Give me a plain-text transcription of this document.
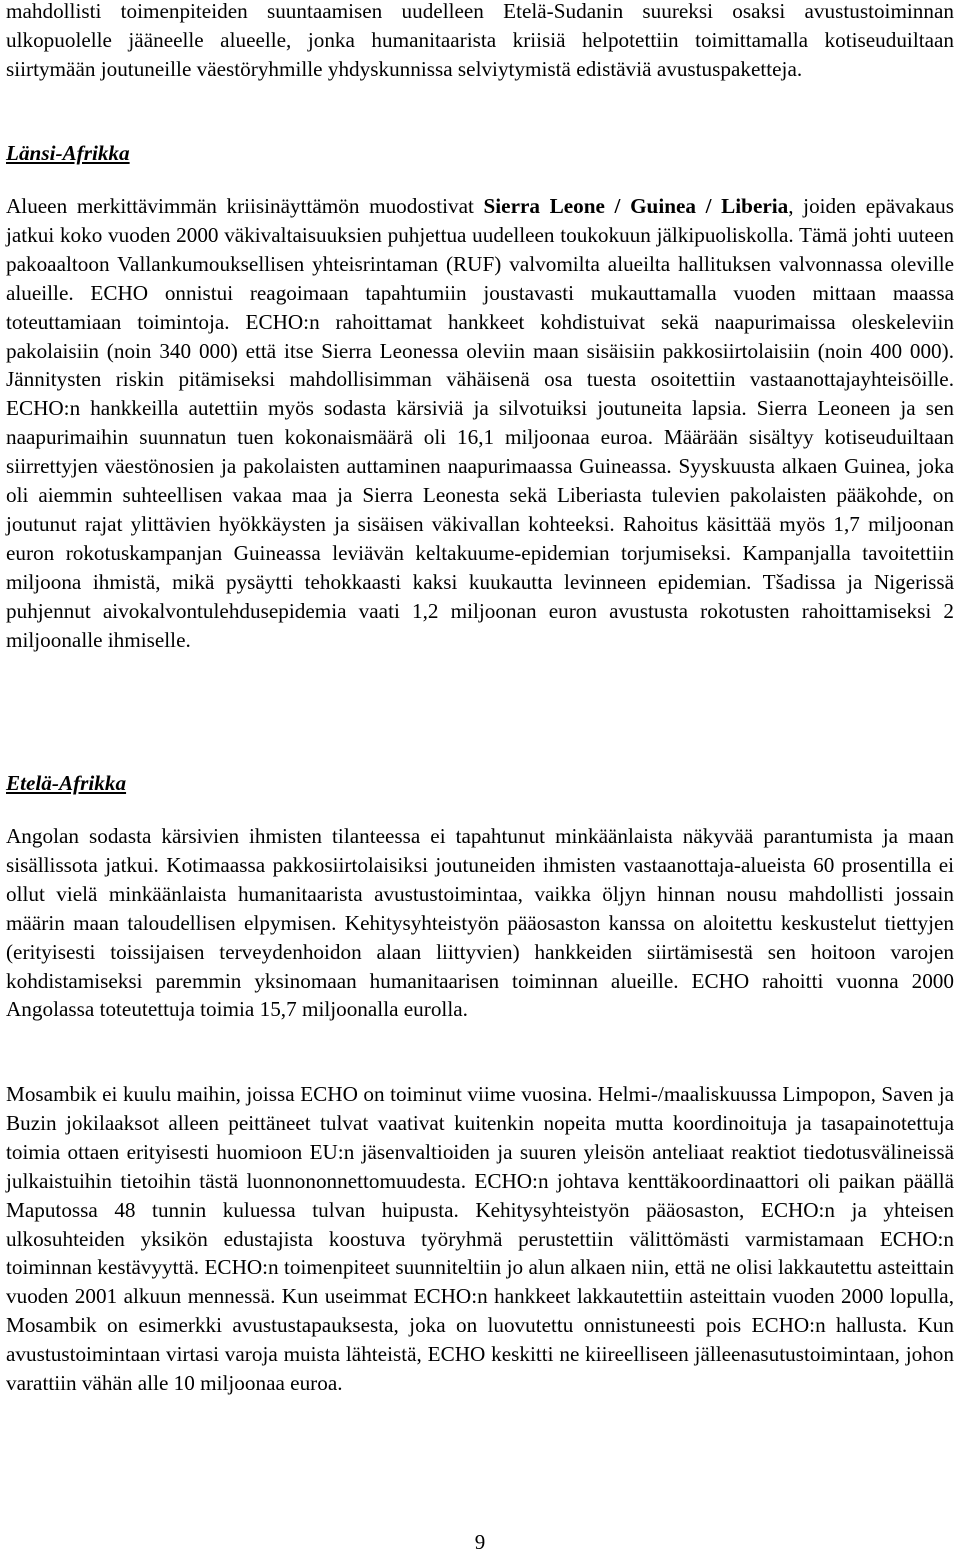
mahdollisti toimenpiteiden suuntaamisen uudelleen Etelä-Sudanin suureksi osaksi avustustoiminnan ulkopuolelle jääneelle alueelle, jonka humanitaarista kriisiä helpotettiin toimittamalla kotiseuduiltaan siirtymään joutuneille väestöryhmille yhdyskunnissa selviytymistä edistäviä avustuspaketteja.

Länsi-Afrikka

Alueen merkittävimmän kriisinäyttämön muodostivat Sierra Leone / Guinea / Liberia, joiden epävakaus jatkui koko vuoden 2000 väkivaltaisuuksien puhjettua uudelleen toukokuun jälkipuoliskolla. Tämä johti uuteen pakoaaltoon Vallankumouksellisen yhteisrintaman (RUF) valvomilta alueilta hallituksen valvonnassa oleville alueille. ECHO onnistui reagoimaan tapahtumiin joustavasti mukauttamalla vuoden mittaan maassa toteuttamiaan toimintoja. ECHO:n rahoittamat hankkeet kohdistuivat sekä naapurimaissa oleskeleviin pakolaisiin (noin 340 000) että itse Sierra Leonessa oleviin maan sisäisiin pakkosiirtolaisiin (noin 400 000). Jännitysten riskin pitämiseksi mahdollisimman vähäisenä osa tuesta osoitettiin vastaanottajayhteisöille. ECHO:n hankkeilla autettiin myös sodasta kärsiviä ja silvotuiksi joutuneita lapsia. Sierra Leoneen ja sen naapurimaihin suunnatun tuen kokonaismäärä oli 16,1 miljoonaa euroa. Määrään sisältyy kotiseuduiltaan siirrettyjen väestönosien ja pakolaisten auttaminen naapurimaassa Guineassa. Syyskuusta alkaen Guinea, joka oli aiemmin suhteellisen vakaa maa ja Sierra Leonesta sekä Liberiasta tulevien pakolaisten pääkohde, on joutunut rajat ylittävien hyökkäysten ja sisäisen väkivallan kohteeksi. Rahoitus käsittää myös 1,7 miljoonan euron rokotuskampanjan Guineassa leviävän keltakuume-epidemian torjumiseksi. Kampanjalla tavoitettiin miljoona ihmistä, mikä pysäytti tehokkaasti kaksi kuukautta levinneen epidemian. Tšadissa ja Nigerissä puhjennut aivokalvontulehdusepidemia vaati 1,2 miljoonan euron avustusta rokotusten rahoittamiseksi 2 miljoonalle ihmiselle.

Etelä-Afrikka

Angolan sodasta kärsivien ihmisten tilanteessa ei tapahtunut minkäänlaista näkyvää parantumista ja maan sisällissota jatkui. Kotimaassa pakkosiirtolaisiksi joutuneiden ihmisten vastaanottaja-alueista 60 prosentilla ei ollut vielä minkäänlaista humanitaarista avustustoimintaa, vaikka öljyn hinnan nousu mahdollisti jossain määrin maan taloudellisen elpymisen. Kehitysyhteistyön pääosaston kanssa on aloitettu keskustelut tiettyjen (erityisesti toissijaisen terveydenhoidon alaan liittyvien) hankkeiden siirtämisestä sen hoitoon varojen kohdistamiseksi paremmin yksinomaan humanitaarisen toiminnan alueille. ECHO rahoitti vuonna 2000 Angolassa toteutettuja toimia 15,7 miljoonalla eurolla.

Mosambik ei kuulu maihin, joissa ECHO on toiminut viime vuosina. Helmi-/maaliskuussa Limpopon, Saven ja Buzin jokilaaksot alleen peittäneet tulvat vaativat kuitenkin nopeita mutta koordinoituja ja tasapainotettuja toimia ottaen erityisesti huomioon EU:n jäsenvaltioiden ja suuren yleisön anteliaat reaktiot tiedotusvälineissä julkaistuihin tietoihin tästä luonnononnettomuudesta. ECHO:n johtava kenttäkoordinaattori oli paikan päällä Maputossa 48 tunnin kuluessa tulvan huipusta. Kehitysyhteistyön pääosaston, ECHO:n ja yhteisen ulkosuhteiden yksikön edustajista koostuva työryhmä perustettiin välittömästi varmistamaan ECHO:n toiminnan kestävyyttä. ECHO:n toimenpiteet suunniteltiin jo alun alkaen niin, että ne olisi lakkautettu asteittain vuoden 2001 alkuun mennessä. Kun useimmat ECHO:n hankkeet lakkautettiin asteittain vuoden 2000 lopulla, Mosambik on esimerkki avustustapauksesta, joka on luovutettu onnistuneesti pois ECHO:n hallusta. Kun avustustoimintaan virtasi varoja muista lähteistä, ECHO keskitti ne kiireelliseen jälleenasutustoimintaan, johon varattiin vähän alle 10 miljoonaa euroa.

9
